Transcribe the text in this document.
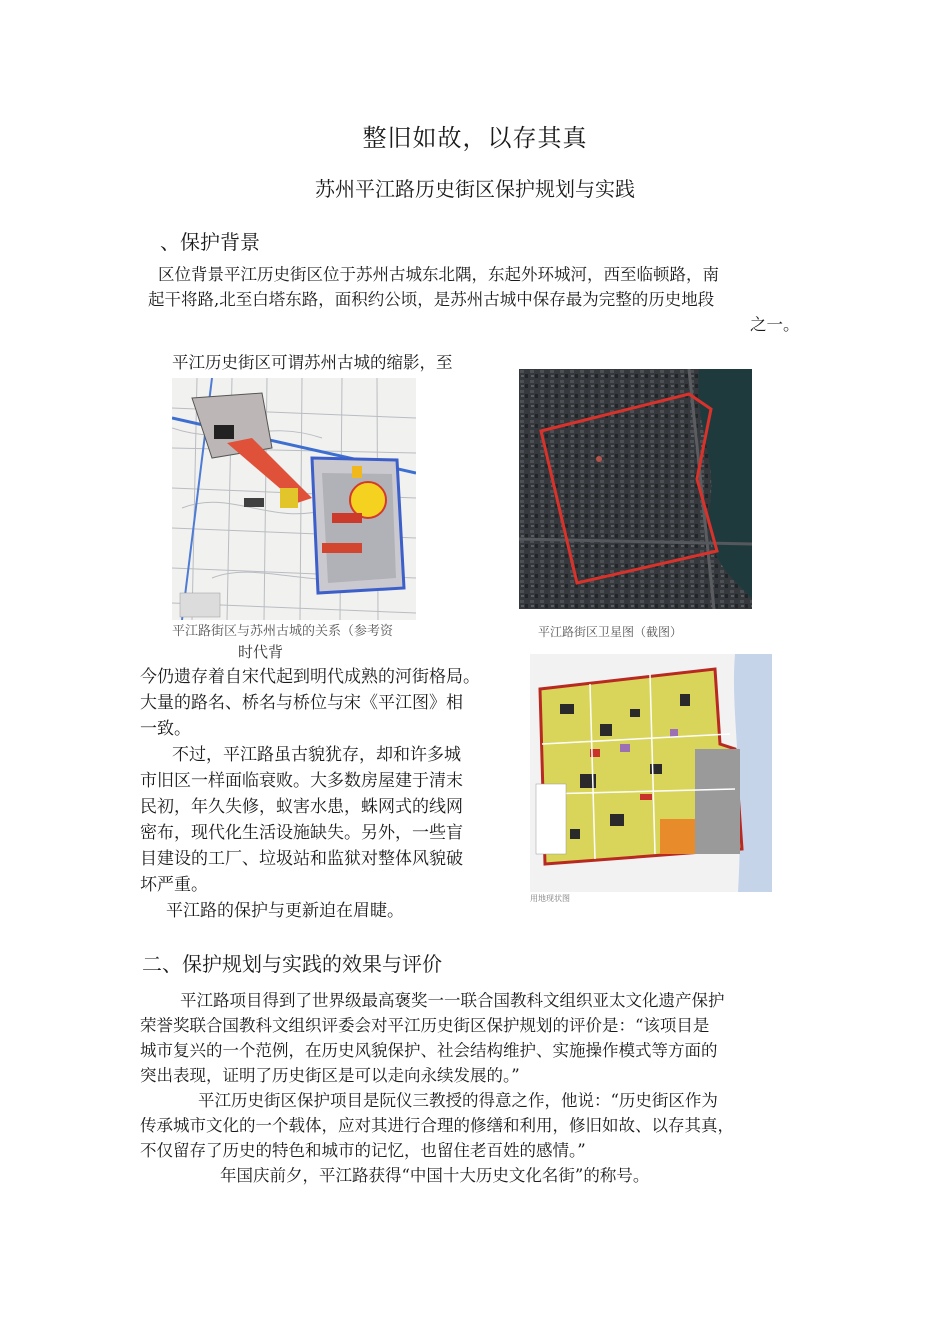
整旧如故，以存其真
苏州平江路历史街区保护规划与实践
、保护背景
区位背景平江历史街区位于苏州古城东北隅，东起外环城河，西至临顿路，南
起干将路,北至白塔东路，面积约公顷，是苏州古城中保存最为完整的历史地段
之一。
平江历史街区可谓苏州古城的缩影，至
平江路街区与苏州古城的关系（参考资
时代背
平江路街区卫星图（截图）
用地现状图

今仍遗存着自宋代起到明代成熟的河街格局。

大量的路名、桥名与桥位与宋《平江图》相

一致。

不过，平江路虽古貌犹存，却和许多城

市旧区一样面临衰败。大多数房屋建于清末

民初，年久失修，蚁害水患，蛛网式的线网

密布，现代化生活设施缺失。另外，一些盲

目建设的工厂、垃圾站和监狱对整体风貌破

坏严重。

平江路的保护与更新迫在眉睫。

二、保护规划与实践的效果与评价

平江路项目得到了世界级最高褒奖一一联合国教科文组织亚太文化遗产保护

荣誉奖联合国教科文组织评委会对平江历史街区保护规划的评价是：“该项目是

城市复兴的一个范例，在历史风貌保护、社会结构维护、实施操作模式等方面的

突出表现，证明了历史街区是可以走向永续发展的。”

平江历史街区保护项目是阮仪三教授的得意之作，他说：“历史街区作为

传承城市文化的一个载体，应对其进行合理的修缮和利用，修旧如故、以存其真，

不仅留存了历史的特色和城市的记忆，也留住老百姓的感情。”

年国庆前夕，平江路获得“中国十大历史文化名街”的称号。
